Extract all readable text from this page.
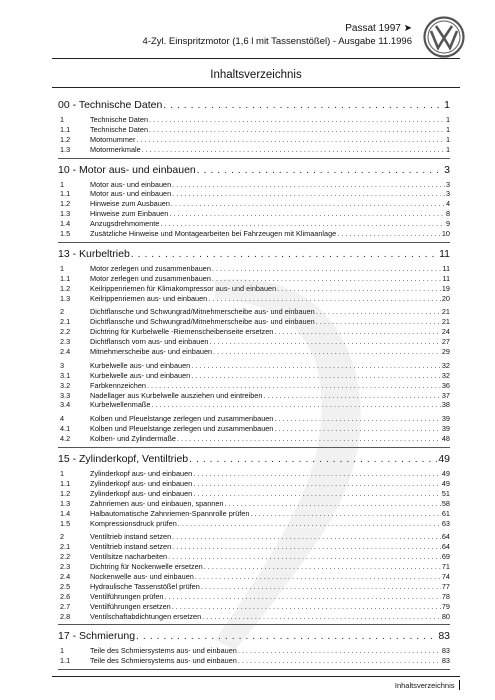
Passat 1997 ➤
4-Zyl. Einspritzmotor (1,6 l mit Tassenstößel) - Ausgabe 11.1996
Inhaltsverzeichnis
00 - Technische Daten . . .	1
1	Technische Daten . . .	1
1.1	Technische Daten . . .	1
1.2	Motornummer . . .	1
1.3	Motormerkmale . . .	1
10 - Motor aus- und einbauen . . .	3
1	Motor aus- und einbauen . . .	3
1.1	Motor aus- und einbauen . . .	3
1.2	Hinweise zum Ausbauen . . .	4
1.3	Hinweise zum Einbauen . . .	8
1.4	Anzugsdrehmomente . . .	9
1.5	Zusätzliche Hinweise und Montagearbeiten bei Fahrzeugen mit Klimaanlage . . .	10
13 - Kurbeltrieb . . .	11
1	Motor zerlegen und zusammenbauen . . .	11
1.1	Motor zerlegen und zusammenbauen . . .	11
1.2	Keilrippenriemen für Klimakompressor aus- und einbauen . . .	19
1.3	Keilrippenriemen aus- und einbauen . . .	20
2	Dichtflansche und Schwungrad/Mitnehmerscheibe aus- und einbauen . . .	21
2.1	Dichtflansche und Schwungrad/Mitnehmerscheibe aus- und einbauen . . .	21
2.2	Dichtring für Kurbelwelle -Riemenscheibenseite ersetzen . . .	24
2.3	Dichtflansch vorn aus- und einbauen . . .	27
2.4	Mitnehmerscheibe aus- und einbauen . . .	29
3	Kurbelwelle aus- und einbauen . . .	32
3.1	Kurbelwelle aus- und einbauen . . .	32
3.2	Farbkennzeichen . . .	36
3.3	Nadellager aus Kurbelwelle ausziehen und eintreiben . . .	37
3.4	Kurbelwellenmaße . . .	38
4	Kolben und Pleuelstange zerlegen und zusammenbauen . . .	39
4.1	Kolben und Pleuelstange zerlegen und zusammenbauen . . .	39
4.2	Kolben- und Zylindermaße . . .	48
15 - Zylinderkopf, Ventiltrieb . . .	49
1	Zylinderkopf aus- und einbauen . . .	49
1.1	Zylinderkopf aus- und einbauen . . .	49
1.2	Zylinderkopf aus- und einbauen . . .	51
1.3	Zahnriemen aus- und einbauen, spannen . . .	58
1.4	Halbautomatische Zahnriemen-Spannrolle prüfen . . .	61
1.5	Kompressionsdruck prüfen . . .	63
2	Ventiltrieb instand setzen . . .	64
2.1	Ventiltrieb instand setzen . . .	64
2.2	Ventilsitze nacharbeiten . . .	69
2.3	Dichtring für Nockenwelle ersetzen . . .	71
2.4	Nockenwelle aus- und einbauen . . .	74
2.5	Hydraulische Tassenstößel prüfen . . .	77
2.6	Ventilführungen prüfen . . .	78
2.7	Ventilführungen ersetzen . . .	79
2.8	Ventilschaftabdichtungen ersetzen . . .	80
17 - Schmierung . . .	83
1	Teile des Schmiersystems aus- und einbauen . . .	83
1.1	Teile des Schmiersystems aus- und einbauen . . .	83
Inhaltsverzeichnis
